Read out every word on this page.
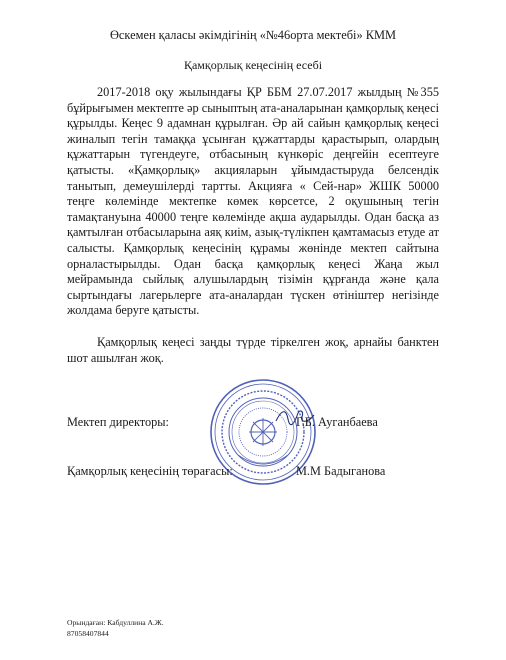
Өскемен қаласы әкімдігінің «№46орта мектебі» КММ
Қамқорлық кеңесінің есебі

2017-2018 оқу жылындағы ҚР ББМ 27.07.2017 жылдың №355 бұйрығымен мектепте әр сыныптың ата-аналарынан қамқорлық кеңесі құрылды. Кеңес 9 адамнан құрылған. Әр ай сайын қамқорлық кеңесі жиналып тегін тамаққа ұсынған құжаттарды қарастырып, олардың құжаттарын түгендеуге, отбасының күнкөріс деңгейін есептеуге қатысты. «Қамқорлық» акцияларын ұйымдастыруда белсендік танытып, демеушілерді тартты. Акцияға « Сей-нар» ЖШК 50000 теңге көлемінде мектепке көмек көрсетсе, 2 оқушының тегін тамақтануына 40000 теңге көлемінде ақша аударылды. Одан басқа аз қамтылған отбасыларына аяқ киім, азық-түлікпен қамтамасыз етуде ат салысты. Қамқорлық кеңесінің құрамы жөнінде мектеп сайтына орналастырылды. Одан басқа қамқорлық кеңесі Жаңа жыл мейрамында сыйлық алушылардың тізімін құрғанда және қала сыртындағы лагерьлерге ата-аналардан түскен өтініштер негізінде жолдама беруге қатысты.

Қамқорлық кеңесі заңды түрде тіркелген жоқ, арнайы банктен шот ашылған жоқ.

Мектеп директоры:	Г.Б. Ауганбаева
Қамқорлық кеңесінің төрағасы:	М.М Бадыганова
Орындаған: Кабдуллина А.Ж.
87058407844
